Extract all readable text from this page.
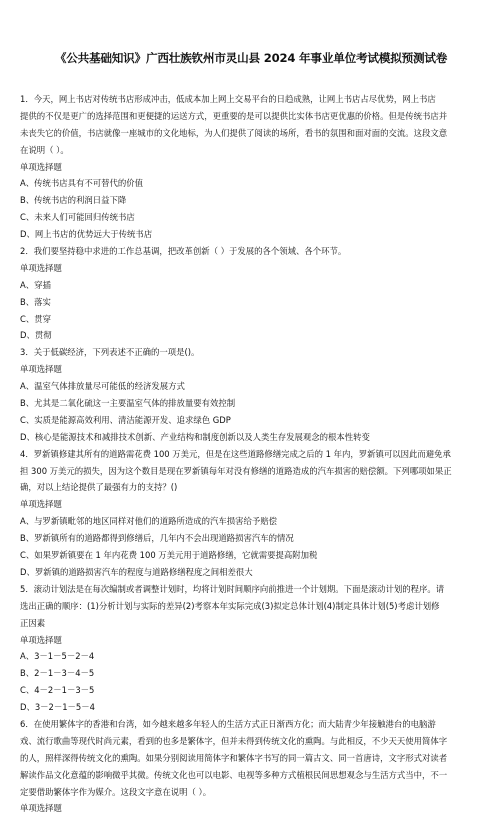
《公共基础知识》广西壮族钦州市灵山县 2024 年事业单位考试模拟预测试卷
1．今天，网上书店对传统书店形成冲击，低成本加上网上交易平台的日趋成熟，让网上书店占尽优势，网上书店
提供的不仅是更广的选择范围和更便捷的运送方式，更重要的是可以提供比实体书店更优惠的价格。但是传统书店并
未丧失它的价值，书店就像一座城市的文化地标，为人们提供了阅读的场所，看书的氛围和面对面的交流。这段文意
在说明（ ）。
单项选择题
A、传统书店具有不可替代的价值
B、传统书店的利润日益下降
C、未来人们可能回归传统书店
D、网上书店的优势远大于传统书店
2．我们要坚持稳中求进的工作总基调，把改革创新（ ）于发展的各个领域、各个环节。
单项选择题
A、穿插
B、落实
C、贯穿
D、贯彻
3．关于低碳经济，下列表述不正确的一项是()。
单项选择题
A、温室气体排放量尽可能低的经济发展方式
B、尤其是二氧化硫这一主要温室气体的排放量要有效控制
C、实质是能源高效利用、清洁能源开发、追求绿色 GDP
D、核心是能源技术和减排技术创新、产业结构和制度创新以及人类生存发展观念的根本性转变
4．罗新镇修建其所有的道路需花费 100 万美元，但是在这些道路修缮完成之后的 1 年内，罗新镇可以因此而避免承
担 300 万美元的损失，因为这个数目是现在罗新镇每年对没有修缮的道路造成的汽车损害的赔偿额。下列哪项如果正
确，对以上结论提供了最强有力的支持？()
单项选择题
A、与罗新镇毗邻的地区同样对他们的道路所造成的汽车损害给予赔偿
B、罗新镇所有的道路都得到修缮后，几年内不会出现道路损害汽车的情况
C、如果罗新镇要在 1 年内花费 100 万美元用于道路修缮，它就需要提高附加税
D、罗新镇的道路损害汽车的程度与道路修缮程度之间相差很大
5．滚动计划法是在每次编制或者调整计划时，均将计划时间顺序向前推进一个计划期。下面是滚动计划的程序。请
选出正确的顺序：(1)分析计划与实际的差异(2)考察本年实际完成(3)拟定总体计划(4)制定具体计划(5)考虑计划修
正因素
单项选择题
A、3－1－5－2－4
B、2－1－3－4－5
C、4－2－1－3－5
D、3－2－1－5－4
6．在使用繁体字的香港和台湾，如今越来越多年轻人的生活方式正日渐西方化；而大陆青少年接触港台的电脑游
戏、流行歌曲等现代时尚元素，看到的也多是繁体字，但并未得到传统文化的熏陶。与此相反，不少天天使用简体字
的人，照样深得传统文化的熏陶。如果分别阅读用简体字和繁体字书写的同一篇古文、同一首唐诗，文字形式对读者
解读作品文化意蕴的影响微乎其微。传统文化也可以电影、电视等多种方式植根民间思想观念与生活方式当中，不一
定要借助繁体字作为媒介。这段文字意在说明（ ）。
单项选择题
